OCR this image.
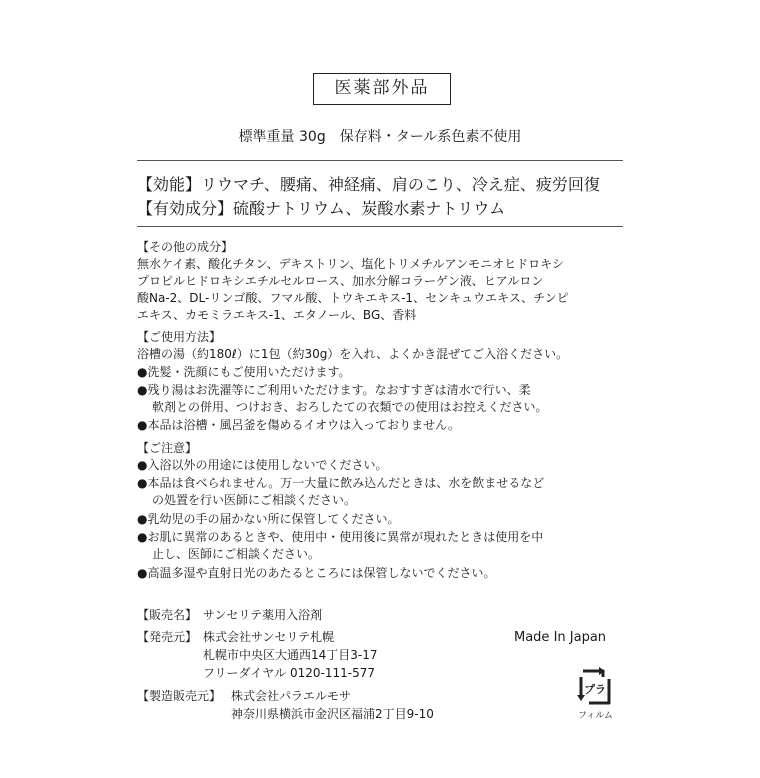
医薬部外品
標準重量 30g　保存料・タール系色素不使用
【効能】リウマチ、腰痛、神経痛、肩のこり、冷え症、疲労回復
【有効成分】硫酸ナトリウム、炭酸水素ナトリウム
【その他の成分】
無水ケイ素、酸化チタン、デキストリン、塩化トリメチルアンモニオヒドロキシ
プロピルヒドロキシエチルセルロース、加水分解コラーゲン液、ヒアルロン
酸Na-2、DL-リンゴ酸、フマル酸、トウキエキス-1、センキュウエキス、チンピ
エキス、カモミラエキス-1、エタノール、BG、香料
【ご使用方法】
浴槽の湯（約180ℓ）に1包（約30g）を入れ、よくかき混ぜてご入浴ください。
●洗髪・洗顔にもご使用いただけます。
●残り湯はお洗濯等にご利用いただけます。なおすすぎは清水で行い、柔
軟剤との併用、つけおき、おろしたての衣類での使用はお控えください。
●本品は浴槽・風呂釜を傷めるイオウは入っておりません。
【ご注意】
●入浴以外の用途には使用しないでください。
●本品は食べられません。万一大量に飲み込んだときは、水を飲ませるなど
の処置を行い医師にご相談ください。
●乳幼児の手の届かない所に保管してください。
●お肌に異常のあるときや、使用中・使用後に異常が現れたときは使用を中
止し、医師にご相談ください。
●高温多湿や直射日光のあたるところには保管しないでください。
【販売名】 サンセリテ薬用入浴剤
【発売元】 株式会社サンセリテ札幌
札幌市中央区大通西14丁目3-17
フリーダイヤル 0120-111-577
【製造販売元】 株式会社パラエルモサ
神奈川県横浜市金沢区福浦2丁目9-10
Made In Japan
プラ
フィルム
